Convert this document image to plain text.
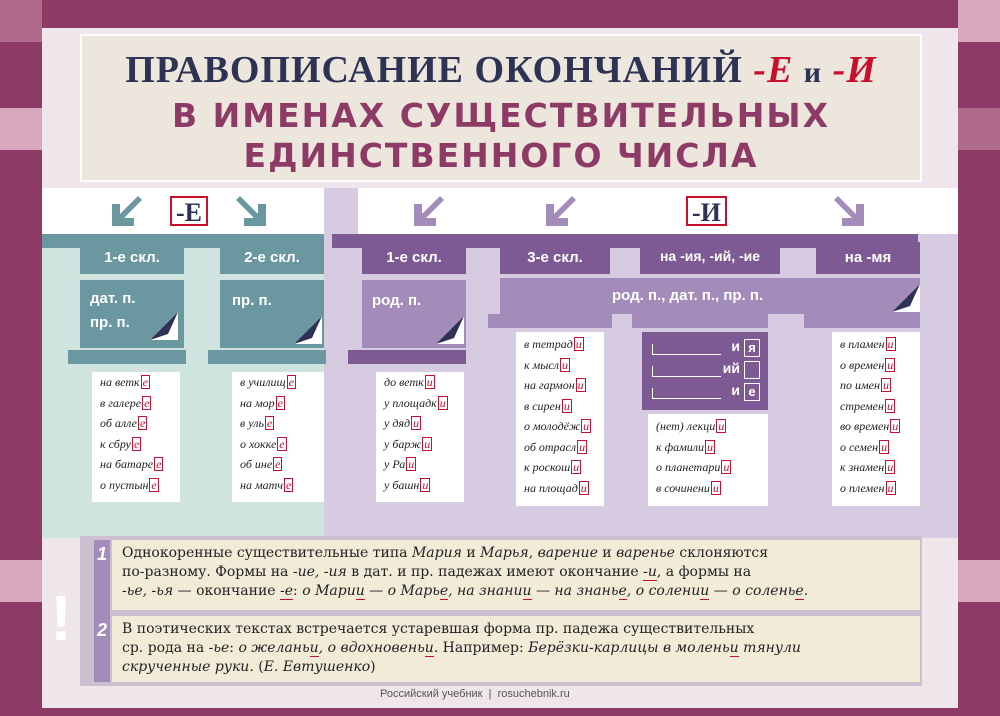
ПРАВОПИСАНИЕ ОКОНЧАНИЙ -Е и -И
В ИМЕНАХ СУЩЕСТВИТЕЛЬНЫХ
ЕДИНСТВЕННОГО ЧИСЛА
-Е	-И
1-е скл.
дат. п.
пр. п.
на ветк е
в галере е
об алле е
к сбру е
на батаре е
о пустын е
2-е скл.
пр. п.
в училищ е
на мор е
в уль е
о хокке е
об ине е
на матч е
1-е скл.
род. п.
до ветк и
у площадк и
у дяд и
у барж и
у Ра и
у башн и
3-е скл.	на -ия, -ий, -ие	на -мя
род. п., дат. п., пр. п.
в тетрад и
к мысл и
на гармон и
в сирен и
о молодёж и
об отрасл и
к роскош и
на площад и
и я
ий
и е
(нет) лекци и
к фамили и
о планетари и
в сочинени и
в пламен и
о времен и
по имен и
стремен и
во времен и
о семен и
к знамен и
о племен и
!
1
2
Однокоренные существительные типа Мария и Марья, варение и варенье склоняются
по-разному. Формы на -ие, -ия в дат. и пр. падежах имеют окончание -и, а формы на
-ье, -ья — окончание -е: о Марии — о Марье, на знании — на знанье, о солении — о соленье.
В поэтических текстах встречается устаревшая форма пр. падежа существительных
ср. рода на -ье: о желаньи, о вдохновеньи. Например: Берёзки-карлицы в моленьи тянули
скрученные руки. (Е. Евтушенко)
Российский учебник  |  rosuchebnik.ru
